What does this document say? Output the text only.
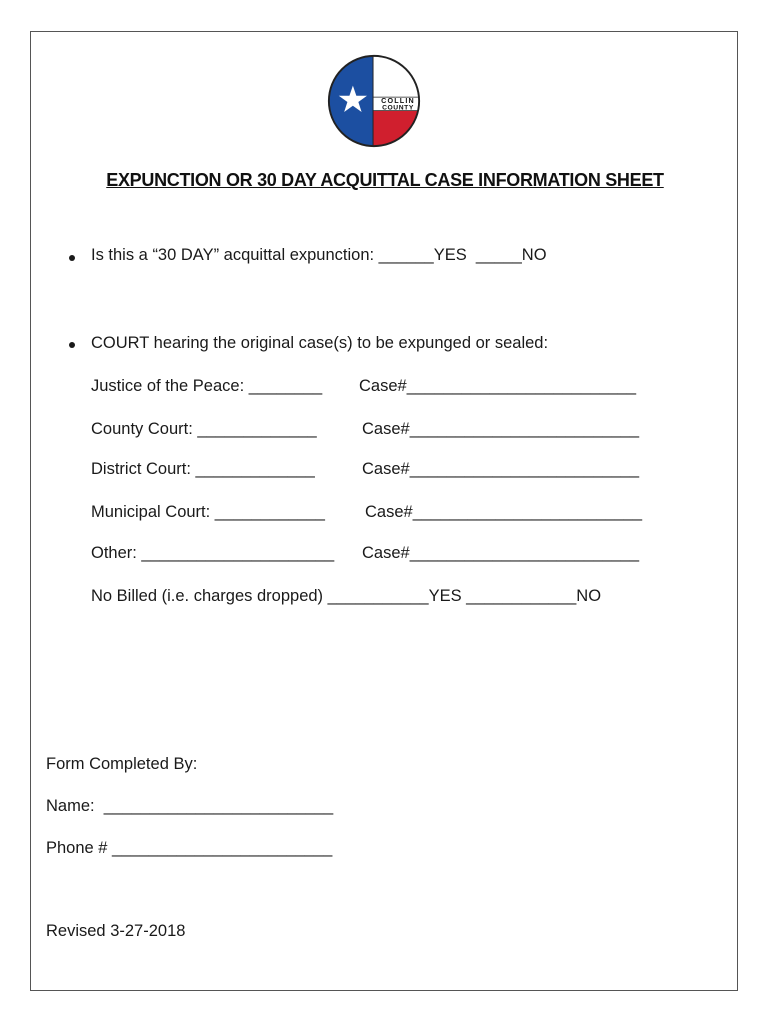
COLLIN
COUNTY
EXPUNCTION OR 30 DAY ACQUITTAL CASE INFORMATION SHEET
Is this a “30 DAY” acquittal expunction: ______YES  _____NO
COURT hearing the original case(s) to be expunged or sealed:
Justice of the Peace: ________ Case#_________________________
County Court: _____________	Case#_________________________
District Court: _____________	Case#_________________________
Municipal Court: ____________ Case#_________________________
Other: _____________________ Case#_________________________
No Billed (i.e. charges dropped) ___________YES ____________NO
Form Completed By:
Name:  _________________________
Phone # ________________________
Revised 3-27-2018
